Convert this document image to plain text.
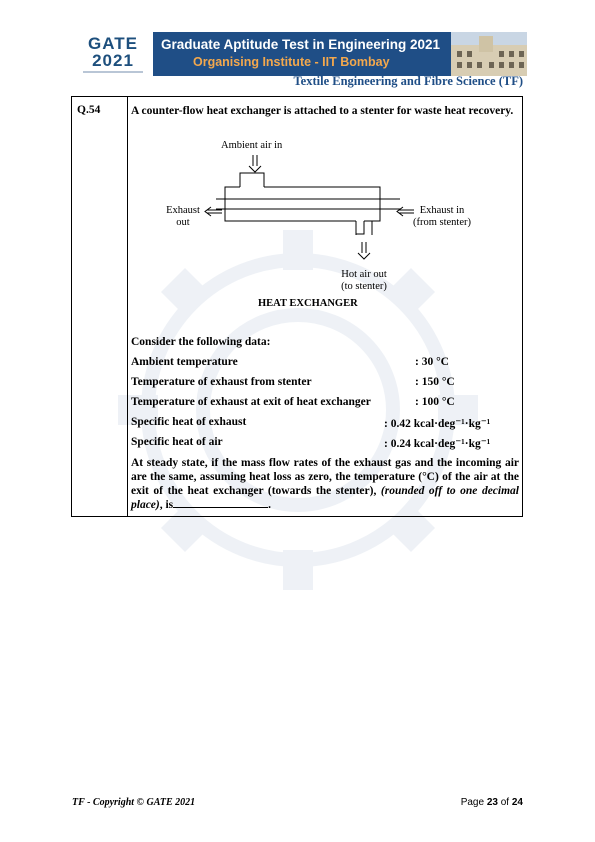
GATE
2021
Graduate Aptitude Test in Engineering 2021
Organising Institute - IIT Bombay
Textile Engineering and Fibre Science (TF)
Q.54	A counter-flow heat exchanger is attached to a stenter for waste heat recovery.
Ambient air in
Exhaust
out
Exhaust in
(from stenter)
Hot air out
(to stenter)
HEAT EXCHANGER
Consider the following data:
Ambient temperature	: 30 °C
Temperature of exhaust from stenter	: 150 °C
Temperature of exhaust at exit of heat exchanger	: 100 °C
Specific heat of exhaust	: 0.42 kcal·deg⁻¹·kg⁻¹
Specific heat of air	: 0.24 kcal·deg⁻¹·kg⁻¹
At steady state, if the mass flow rates of the exhaust gas and the incoming air are the same, assuming heat loss as zero, the temperature (°C) of the air at the exit of the heat exchanger (towards the stenter), (rounded off to one decimal place), is	.
TF - Copyright © GATE 2021	Page 23 of 24
